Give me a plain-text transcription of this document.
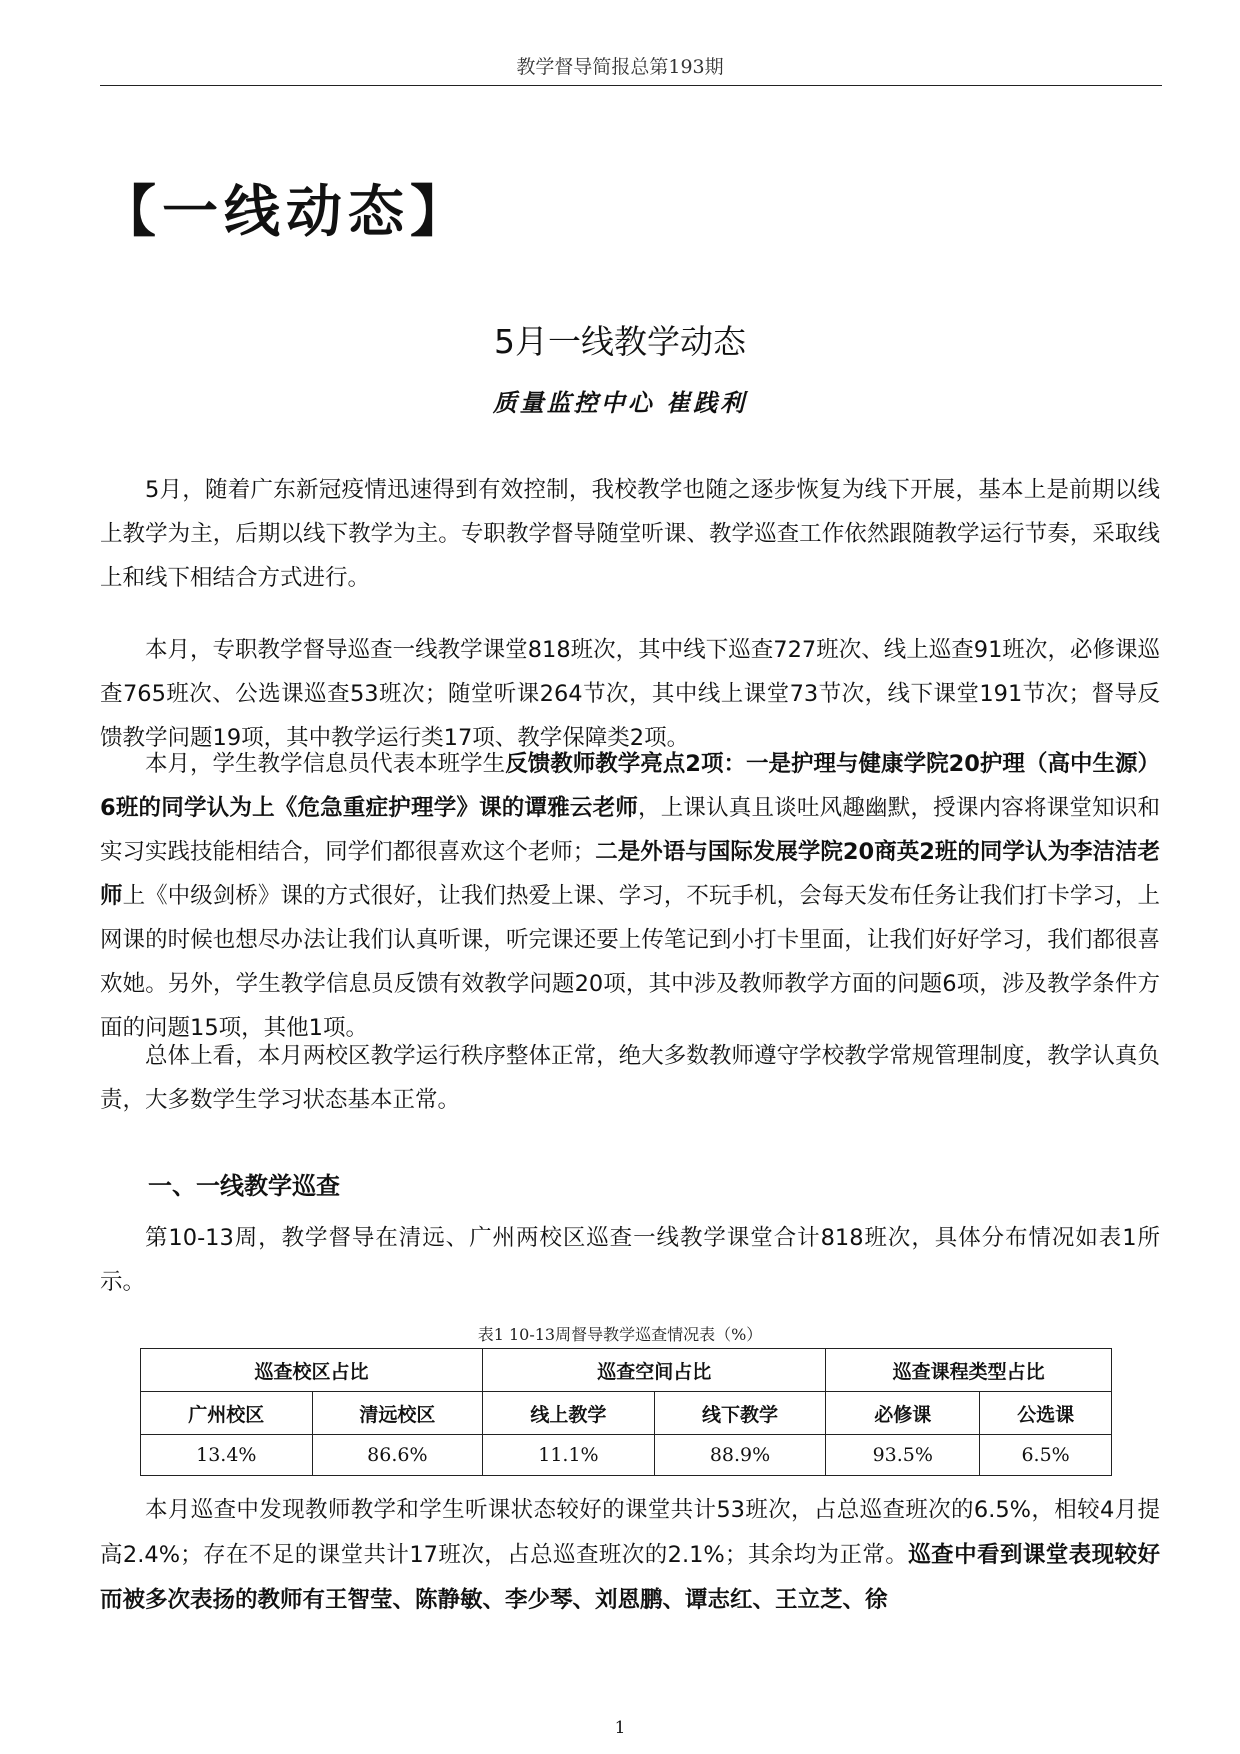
教学督导简报总第193期
【一线动态】
5月一线教学动态
质量监控中心 崔践利

5月，随着广东新冠疫情迅速得到有效控制，我校教学也随之逐步恢复为线下开展，基本上是前期以线上教学为主，后期以线下教学为主。专职教学督导随堂听课、教学巡查工作依然跟随教学运行节奏，采取线上和线下相结合方式进行。

本月，专职教学督导巡查一线教学课堂818班次，其中线下巡查727班次、线上巡查91班次，必修课巡查765班次、公选课巡查53班次；随堂听课264节次，其中线上课堂73节次，线下课堂191节次；督导反馈教学问题19项，其中教学运行类17项、教学保障类2项。

本月，学生教学信息员代表本班学生反馈教师教学亮点2项：一是护理与健康学院20护理（高中生源）6班的同学认为上《危急重症护理学》课的谭雅云老师，上课认真且谈吐风趣幽默，授课内容将课堂知识和实习实践技能相结合，同学们都很喜欢这个老师；二是外语与国际发展学院20商英2班的同学认为李洁洁老师上《中级剑桥》课的方式很好，让我们热爱上课、学习，不玩手机，会每天发布任务让我们打卡学习，上网课的时候也想尽办法让我们认真听课，听完课还要上传笔记到小打卡里面，让我们好好学习，我们都很喜欢她。另外，学生教学信息员反馈有效教学问题20项，其中涉及教师教学方面的问题6项，涉及教学条件方面的问题15项，其他1项。

总体上看，本月两校区教学运行秩序整体正常，绝大多数教师遵守学校教学常规管理制度，教学认真负责，大多数学生学习状态基本正常。

一、一线教学巡查

第10-13周，教学督导在清远、广州两校区巡查一线教学课堂合计818班次，具体分布情况如表1所示。

表1 10-13周督导教学巡查情况表（%）
巡查校区占比		巡查空间占比		巡查课程类型占比	
广州校区	清远校区	线上教学	线下教学	必修课	公选课
13.4%	86.6%	11.1%	88.9%	93.5%	6.5%

本月巡查中发现教师教学和学生听课状态较好的课堂共计53班次，占总巡查班次的6.5%，相较4月提高2.4%；存在不足的课堂共计17班次，占总巡查班次的2.1%；其余均为正常。巡查中看到课堂表现较好而被多次表扬的教师有王智莹、陈静敏、李少琴、刘恩鹏、谭志红、王立芝、徐

1
